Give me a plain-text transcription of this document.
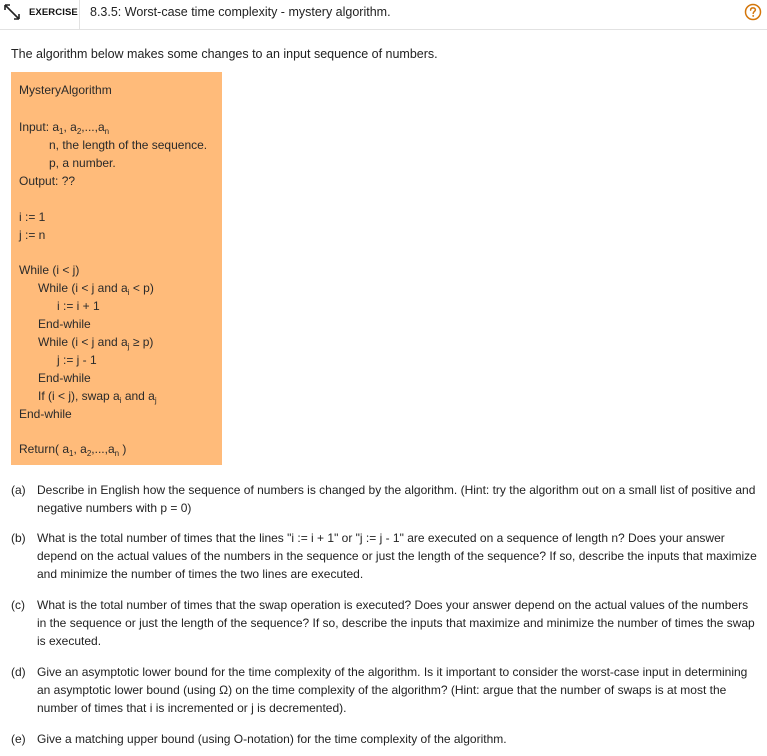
EXERCISE 8.3.5: Worst-case time complexity - mystery algorithm.
The algorithm below makes some changes to an input sequence of numbers.
MysteryAlgorithm
Input: $a_1$, $a_2,...,a_n$
n, the length of the sequence.
p, a number.
Output: ??
i := 1
j := n
While (i < j)
While (i < j and $a_i < p$)
i := i + 1
End-while
While (i < j and $a_j \ge p$)
j := j - 1
End-while
If (i < j), swap $a_i$ and $a_j$
End-while
Return( $a_1$, $a_2,...,a_n$ )
(a) Describe in English how the sequence of numbers is changed by the algorithm. (Hint: try the algorithm out on a small list of positive and negative numbers with p = 0)
(b) What is the total number of times that the lines "i := i + 1" or "j := j - 1" are executed on a sequence of length n? Does your answer depend on the actual values of the numbers in the sequence or just the length of the sequence? If so, describe the inputs that maximize and minimize the number of times the two lines are executed.
(c) What is the total number of times that the swap operation is executed? Does your answer depend on the actual values of the numbers in the sequence or just the length of the sequence? If so, describe the inputs that maximize and minimize the number of times the swap is executed.
(d) Give an asymptotic lower bound for the time complexity of the algorithm. Is it important to consider the worst-case input in determining an asymptotic lower bound (using Ω) on the time complexity of the algorithm? (Hint: argue that the number of swaps is at most the number of times that i is incremented or j is decremented).
(e) Give a matching upper bound (using O-notation) for the time complexity of the algorithm.
